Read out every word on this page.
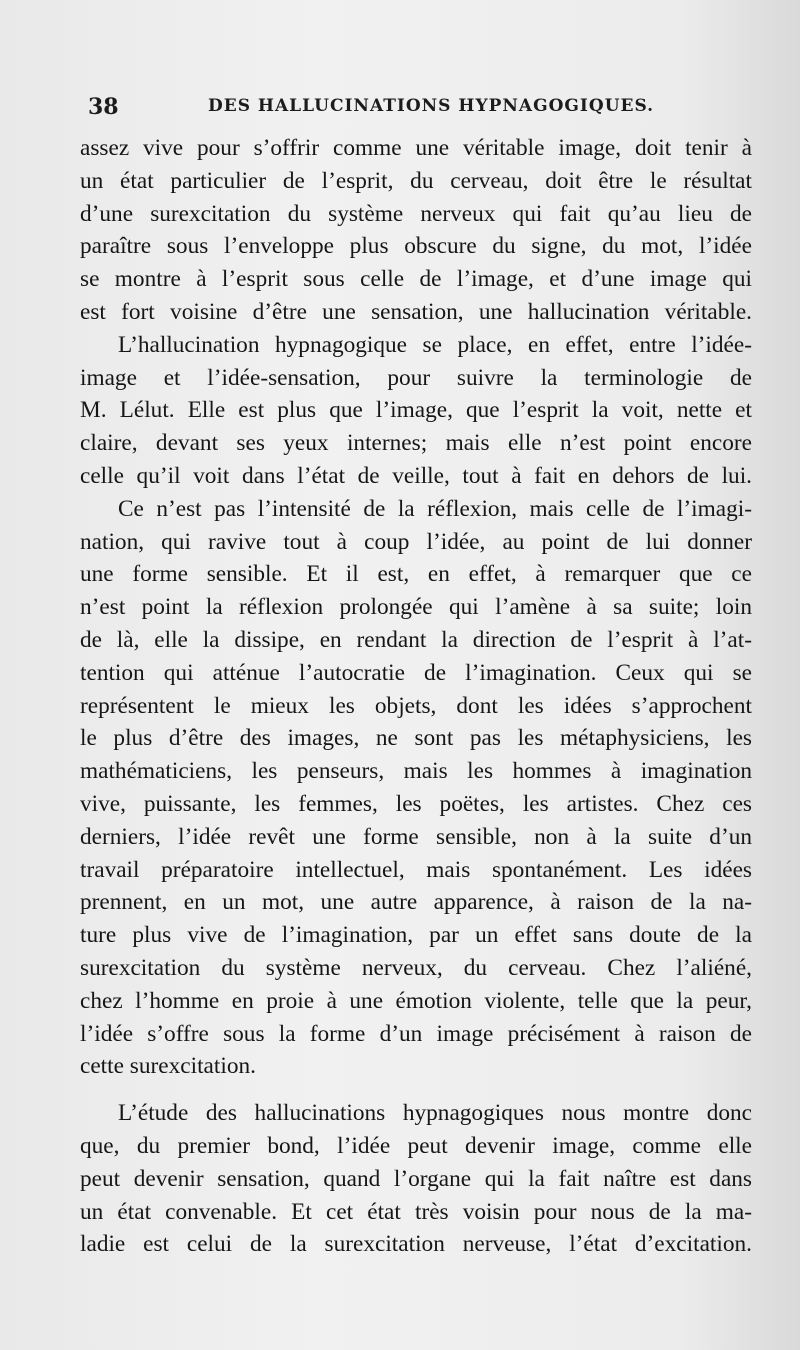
38	DES HALLUCINATIONS HYPNAGOGIQUES.
assez vive pour s’offrir comme une véritable image, doit tenir à
un état particulier de l’esprit, du cerveau, doit être le résultat
d’une surexcitation du système nerveux qui fait qu’au lieu de
paraître sous l’enveloppe plus obscure du signe, du mot, l’idée
se montre à l’esprit sous celle de l’image, et d’une image qui
est fort voisine d’être une sensation, une hallucination véritable.
L’hallucination hypnagogique se place, en effet, entre l’idée-
image et l’idée-sensation, pour suivre la terminologie de
M. Lélut. Elle est plus que l’image, que l’esprit la voit, nette et
claire, devant ses yeux internes; mais elle n’est point encore
celle qu’il voit dans l’état de veille, tout à fait en dehors de lui.
Ce n’est pas l’intensité de la réflexion, mais celle de l’imagi-
nation, qui ravive tout à coup l’idée, au point de lui donner
une forme sensible. Et il est, en effet, à remarquer que ce
n’est point la réflexion prolongée qui l’amène à sa suite; loin
de là, elle la dissipe, en rendant la direction de l’esprit à l’at-
tention qui atténue l’autocratie de l’imagination. Ceux qui se
représentent le mieux les objets, dont les idées s’approchent
le plus d’être des images, ne sont pas les métaphysiciens, les
mathématiciens, les penseurs, mais les hommes à imagination
vive, puissante, les femmes, les poëtes, les artistes. Chez ces
derniers, l’idée revêt une forme sensible, non à la suite d’un
travail préparatoire intellectuel, mais spontanément. Les idées
prennent, en un mot, une autre apparence, à raison de la na-
ture plus vive de l’imagination, par un effet sans doute de la
surexcitation du système nerveux, du cerveau. Chez l’aliéné,
chez l’homme en proie à une émotion violente, telle que la peur,
l’idée s’offre sous la forme d’un image précisément à raison de
cette surexcitation.
L’étude des hallucinations hypnagogiques nous montre donc
que, du premier bond, l’idée peut devenir image, comme elle
peut devenir sensation, quand l’organe qui la fait naître est dans
un état convenable. Et cet état très voisin pour nous de la ma-
ladie est celui de la surexcitation nerveuse, l’état d’excitation.
